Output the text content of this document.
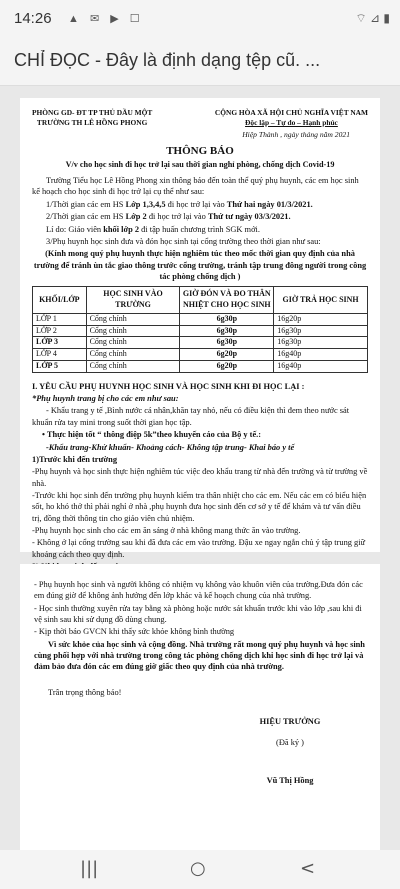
14:26 ▲ ✉ ▶ ☐	⌔ ⊿ ▮
CHỈ ĐỌC - Đây là định dạng tệp cũ. ...
PHÒNG GD- ĐT TP THỦ DẦU MỘT
TRƯỜNG TH LÊ HỒNG PHONG
CỘNG HÒA XÃ HỘI CHỦ NGHĨA VIỆT NAM
Độc lập – Tự do – Hạnh phúc
Hiệp Thành , ngày tháng năm 2021
THÔNG BÁO
V/v cho học sinh đi học trở lại sau thời gian nghỉ phòng, chống dịch Covid-19

Trường Tiểu học Lê Hồng Phong xin thông báo đến toàn thể quý phụ huynh, các em học sinh kế hoạch cho học sinh đi học trở lại cụ thể như sau:

1/Thời gian các em HS Lớp 1,3,4,5 đi học trở lại vào Thứ hai ngày 01/3/2021.

2/Thời gian các em HS Lớp 2 đi học trở lại vào Thứ tư ngày 03/3/2021.

Lí do: Giáo viên khối lớp 2 đi tập huấn chương trình SGK mới.

3/Phụ huynh học sinh đưa và đón học sinh tại cổng trường theo thời gian như sau:

(Kính mong quý phụ huynh thực hiện nghiêm túc theo mốc thời gian quy định của nhà trường để tránh ùn tắc giao thông trước cổng trường, tránh tập trung đông người trong công tác phòng chống dịch )

KHỐI/LỚP	HỌC SINH VÀO TRƯỜNG	GIỜ ĐÓN VÀ ĐO THÂN NHIỆT CHO HỌC SINH	GIỜ TRẢ HỌC SINH
LỚP 1	Cổng chính	6g30p	16g20p
LỚP 2	Cổng chính	6g30p	16g30p
LỚP 3	Cổng chính	6g30p	16g30p
LỚP 4	Cổng chính	6g20p	16g40p
LỚP 5	Cổng chính	6g20p	16g40p

I. YÊU CẦU PHỤ HUYNH HỌC SINH VÀ HỌC SINH KHI ĐI HỌC LẠI :

*Phụ huynh trang bị cho các em như sau:

- Khẩu trang y tế ,Bình nước cá nhân,khăn tay nhỏ, nếu có điều kiện thì đem theo nước sát khuẩn rửa tay mini trong suốt thời gian học tập.

• Thực hiện tốt “ thông điệp 5k”theo khuyến cáo của Bộ y tế.:

-Khẩu trang-Khử khuẩn- Khoảng cách- Không tập trung- Khai báo y tế

1)Trước khi đến trường

-Phụ huynh và học sinh thực hiện nghiêm túc việc đeo khẩu trang từ nhà đến trường và từ trường về nhà.

-Trước khi học sinh đến trường phụ huynh kiểm tra thân nhiệt cho các em. Nếu các em có biểu hiện sốt, ho khó thở thì phải nghỉ ở nhà ,phụ huynh đưa học sinh đến cơ sở y tế để khám và tư vấn điều trị, đồng thời thông tin cho giáo viên chủ nhiệm.

-Phụ huynh học sinh cho các em ăn sáng ở nhà không mang thức ăn vào trường.

- Không ở lại cổng trường sau khi đã đưa các em vào trường. Đậu xe ngay ngắn chủ ý tập trung giữ khoảng cách theo quy định.

- Phụ huynh học sinh và người không có nhiệm vụ không vào khuôn viên của trường.Đưa đón các em đúng giờ để không ảnh hưởng đến lớp khác và kế hoạch chung của nhà trường.

- Học sinh thường xuyên rửa tay bằng xà phòng hoặc nước sát khuẩn trước khi vào lớp ,sau khi đi vệ sinh sau khi sử dụng đồ dùng chung.

- Kịp thời báo GVCN khi thấy sức khỏe không bình thường

Vì sức khỏe của học sinh và cộng đồng. Nhà trường rất mong quý phụ huynh và học sinh cùng phối hợp với nhà trường trong công tác phòng chống dịch khi học sinh đi học trở lại và đảm bảo đưa đón các em đúng giờ giấc theo quy định của nhà trường.

Trân trọng thông báo!

HIỆU TRƯỞNG
(Đã ký )
Vũ Thị Hồng
|||	○	<
